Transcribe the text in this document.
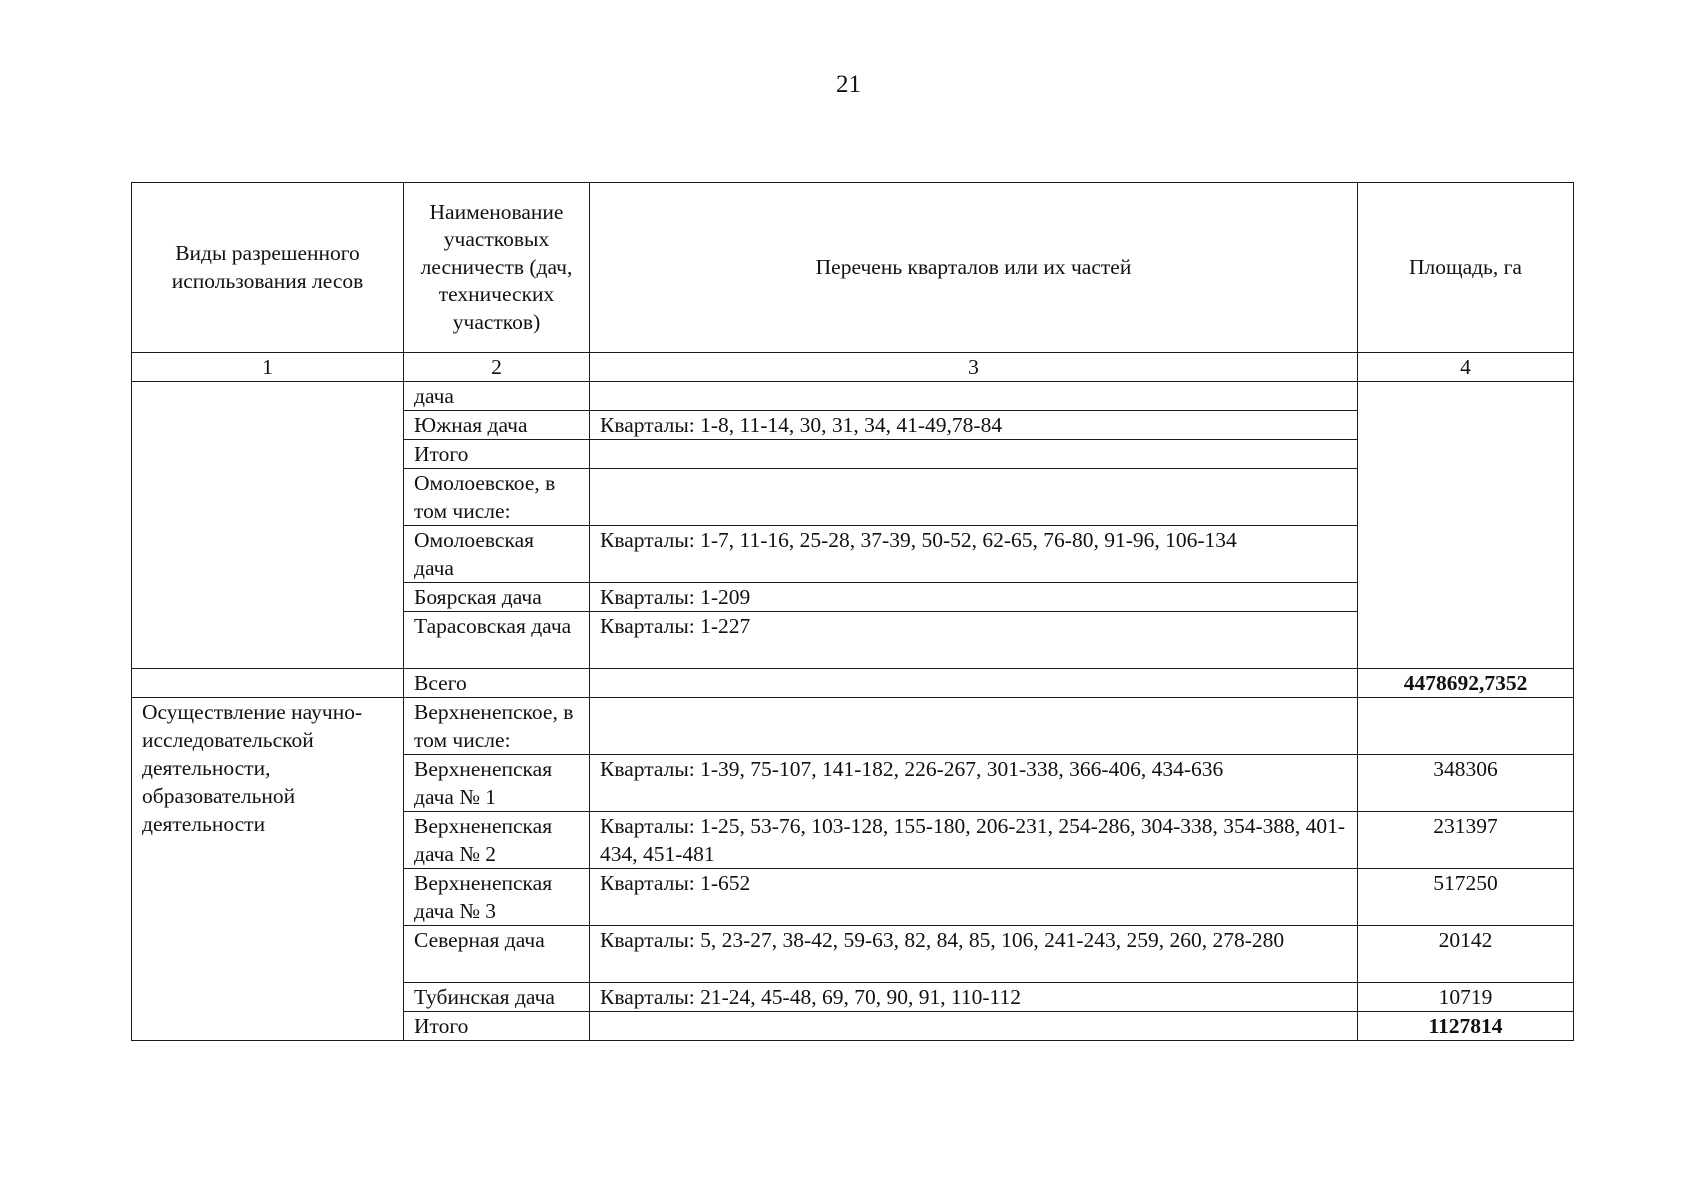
21
Виды разрешенного использования лесов	Наименование участковых лесничеств (дач, технических участков)	Перечень кварталов или их частей	Площадь, га
1	2	3	4
	дача		
	Южная дача	Кварталы: 1-8, 11-14, 30, 31, 34, 41-49,78-84	
	Итого		
	Омолоевское, в том числе:		
	Омолоевская дача	Кварталы: 1-7, 11-16, 25-28, 37-39, 50-52, 62-65, 76-80, 91-96, 106-134	
	Боярская дача	Кварталы: 1-209	
	Тарасовская дача	Кварталы: 1-227	
	Всего		4478692,7352
Осуществление научно-исследовательской деятельности, образовательной деятельности	Верхненепское, в том числе:		
	Верхненепская дача № 1	Кварталы: 1-39, 75-107, 141-182, 226-267, 301-338, 366-406, 434-636	348306
	Верхненепская дача № 2	Кварталы: 1-25, 53-76, 103-128, 155-180, 206-231, 254-286, 304-338, 354-388, 401-434, 451-481	231397
	Верхненепская дача № 3	Кварталы: 1-652	517250
	Северная дача	Кварталы: 5, 23-27, 38-42, 59-63, 82, 84, 85, 106, 241-243, 259, 260, 278-280	20142
	Тубинская дача	Кварталы: 21-24, 45-48, 69, 70, 90, 91, 110-112	10719
	Итого		1127814
